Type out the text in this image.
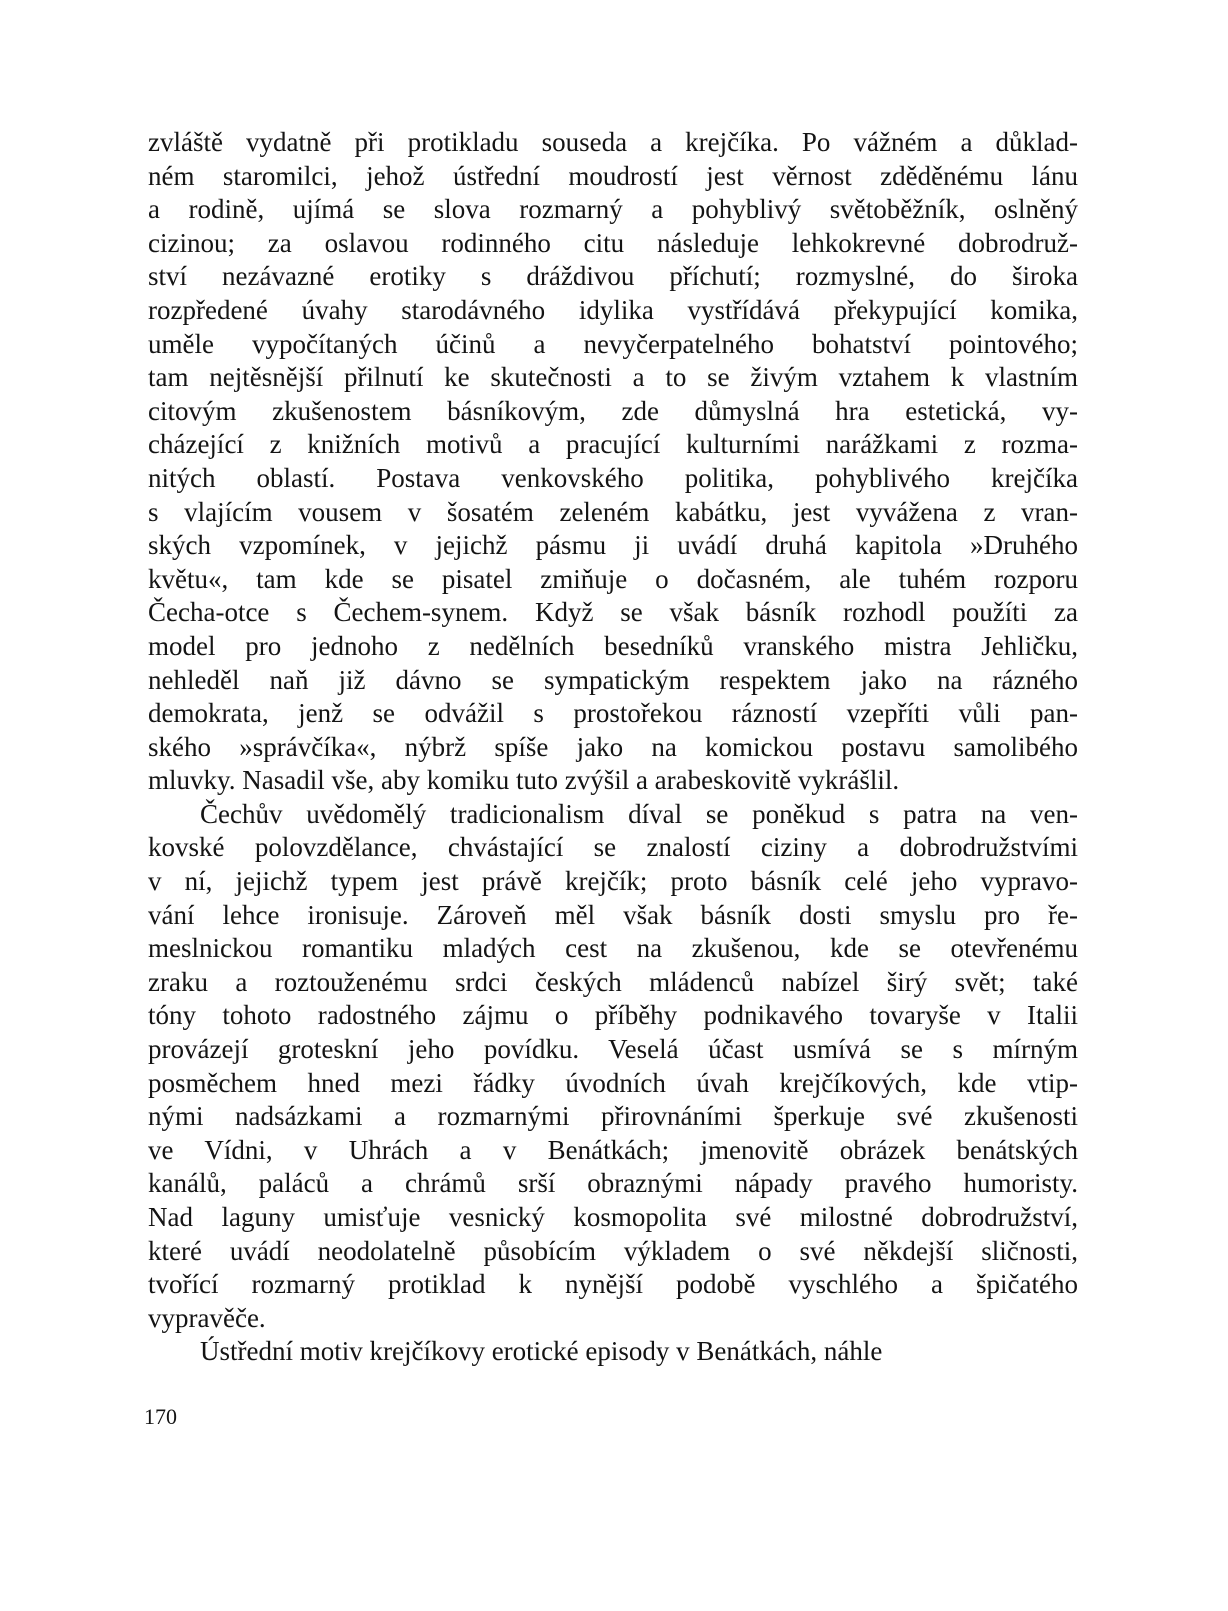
zvláště vydatně při protikladu souseda a krejčíka. Po vážném a důklad-
ném staromilci, jehož ústřední moudrostí jest věrnost zděděnému lánu
a rodině, ujímá se slova rozmarný a pohyblivý světoběžník, oslněný
cizinou; za oslavou rodinného citu následuje lehkokrevné dobrodruž-
ství nezávazné erotiky s dráždivou příchutí; rozmyslné, do široka
rozpředené úvahy starodávného idylika vystřídává překypující komika,
uměle vypočítaných účinů a nevyčerpatelného bohatství pointového;
tam nejtěsnější přilnutí ke skutečnosti a to se živým vztahem k vlastním
citovým zkušenostem básníkovým, zde důmyslná hra estetická, vy-
cházející z knižních motivů a pracující kulturními narážkami z rozma-
nitých oblastí. Postava venkovského politika, pohyblivého krejčíka
s vlajícím vousem v šosatém zeleném kabátku, jest vyvážena z vran-
ských vzpomínek, v jejichž pásmu ji uvádí druhá kapitola »Druhého
květu«, tam kde se pisatel zmiňuje o dočasném, ale tuhém rozporu
Čecha-otce s Čechem-synem. Když se však básník rozhodl použíti za
model pro jednoho z nedělních besedníků vranského mistra Jehličku,
nehleděl naň již dávno se sympatickým respektem jako na rázného
demokrata, jenž se odvážil s prostořekou rázností vzepříti vůli pan-
ského »správčíka«, nýbrž spíše jako na komickou postavu samolibého
mluvky. Nasadil vše, aby komiku tuto zvýšil a arabeskovitě vykrášlil.
Čechův uvědomělý tradicionalism díval se poněkud s patra na ven-
kovské polovzdělance, chvástající se znalostí ciziny a dobrodružstvími
v ní, jejichž typem jest právě krejčík; proto básník celé jeho vypravo-
vání lehce ironisuje. Zároveň měl však básník dosti smyslu pro ře-
meslnickou romantiku mladých cest na zkušenou, kde se otevřenému
zraku a roztouženému srdci českých mládenců nabízel širý svět; také
tóny tohoto radostného zájmu o příběhy podnikavého tovaryše v Italii
provázejí groteskní jeho povídku. Veselá účast usmívá se s mírným
posměchem hned mezi řádky úvodních úvah krejčíkových, kde vtip-
nými nadsázkami a rozmarnými přirovnáními šperkuje své zkušenosti
ve Vídni, v Uhrách a v Benátkách; jmenovitě obrázek benátských
kanálů, paláců a chrámů srší obraznými nápady pravého humoristy.
Nad laguny umisťuje vesnický kosmopolita své milostné dobrodružství,
které uvádí neodolatelně působícím výkladem o své někdejší sličnosti,
tvořící rozmarný protiklad k nynější podobě vyschlého a špičatého
vypravěče.
Ústřední motiv krejčíkovy erotické episody v Benátkách, náhle
170
